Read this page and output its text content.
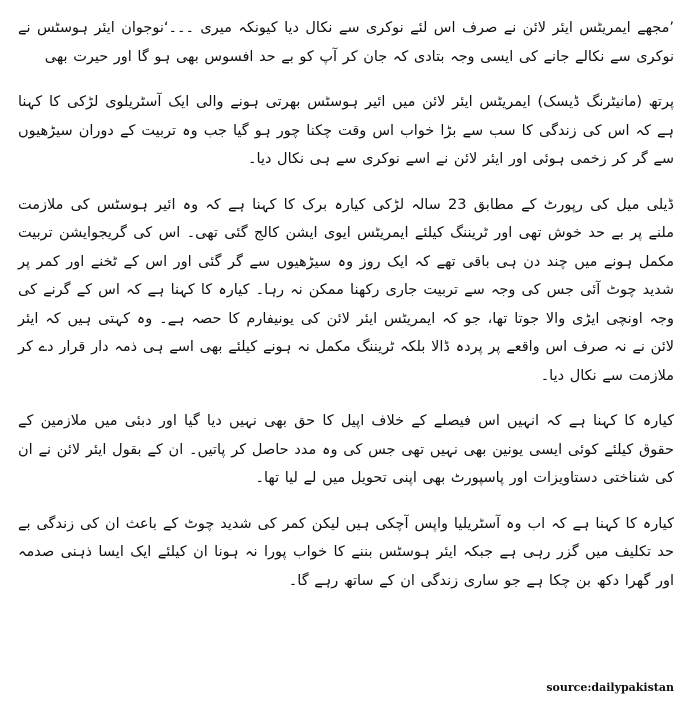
’مجھے ایمریٹس ایئر لائن نے صرف اس لئے نوکری سے نکال دیا کیونکہ میری ۔۔۔‘نوجوان ایئر ہوسٹس نے نوکری سے نکالے جانے کی ایسی وجہ بتادی کہ جان کر آپ کو بے حد افسوس بھی ہو گا اور حیرت بھی

پرتھ (مانیٹرنگ ڈیسک) ایمریٹس ایئر لائن میں ائیر ہوسٹس بھرتی ہونے والی ایک آسٹریلوی لڑکی کا کہنا ہے کہ اس کی زندگی کا سب سے بڑا خواب اس وقت چکنا چور ہو گیا جب وہ تربیت کے دوران سیڑھیوں سے گر کر زخمی ہوئی اور ایئر لائن نے اسے نوکری سے ہی نکال دیا۔

ڈیلی میل کی رپورٹ کے مطابق 23 سالہ لڑکی کیارہ برک کا کہنا ہے کہ وہ ائیر ہوسٹس کی ملازمت ملنے پر بے حد خوش تھی اور ٹریننگ کیلئے ایمریٹس ایوی ایشن کالج گئی تھی۔ اس کی گریجوایشن تربیت مکمل ہونے میں چند دن ہی باقی تھے کہ ایک روز وہ سیڑھیوں سے گر گئی اور اس کے ٹخنے اور کمر پر شدید چوٹ آئی جس کی وجہ سے تربیت جاری رکھنا ممکن نہ رہا۔ کیارہ کا کہنا ہے کہ اس کے گرنے کی وجہ اونچی ایڑی والا جوتا تھا، جو کہ ایمریٹس ایئر لائن کی یونیفارم کا حصہ ہے۔ وہ کہتی ہیں کہ ایئر لائن نے نہ صرف اس واقعے پر پردہ ڈالا بلکہ ٹریننگ مکمل نہ ہونے کیلئے بھی اسے ہی ذمہ دار قرار دے کر ملازمت سے نکال دیا۔

کیارہ کا کہنا ہے کہ انہیں اس فیصلے کے خلاف اپیل کا حق بھی نہیں دیا گیا اور دبئی میں ملازمین کے حقوق کیلئے کوئی ایسی یونین بھی نہیں تھی جس کی وہ مدد حاصل کر پاتیں۔ ان کے بقول ایئر لائن نے ان کی شناختی دستاویزات اور پاسپورٹ بھی اپنی تحویل میں لے لیا تھا۔

کیارہ کا کہنا ہے کہ اب وہ آسٹریلیا واپس آچکی ہیں لیکن کمر کی شدید چوٹ کے باعث ان کی زندگی بے حد تکلیف میں گزر رہی ہے جبکہ ایئر ہوسٹس بننے کا خواب پورا نہ ہونا ان کیلئے ایک ایسا ذہنی صدمہ اور گھرا دکھ بن چکا ہے جو ساری زندگی ان کے ساتھ رہے گا۔

source:dailypakistan
